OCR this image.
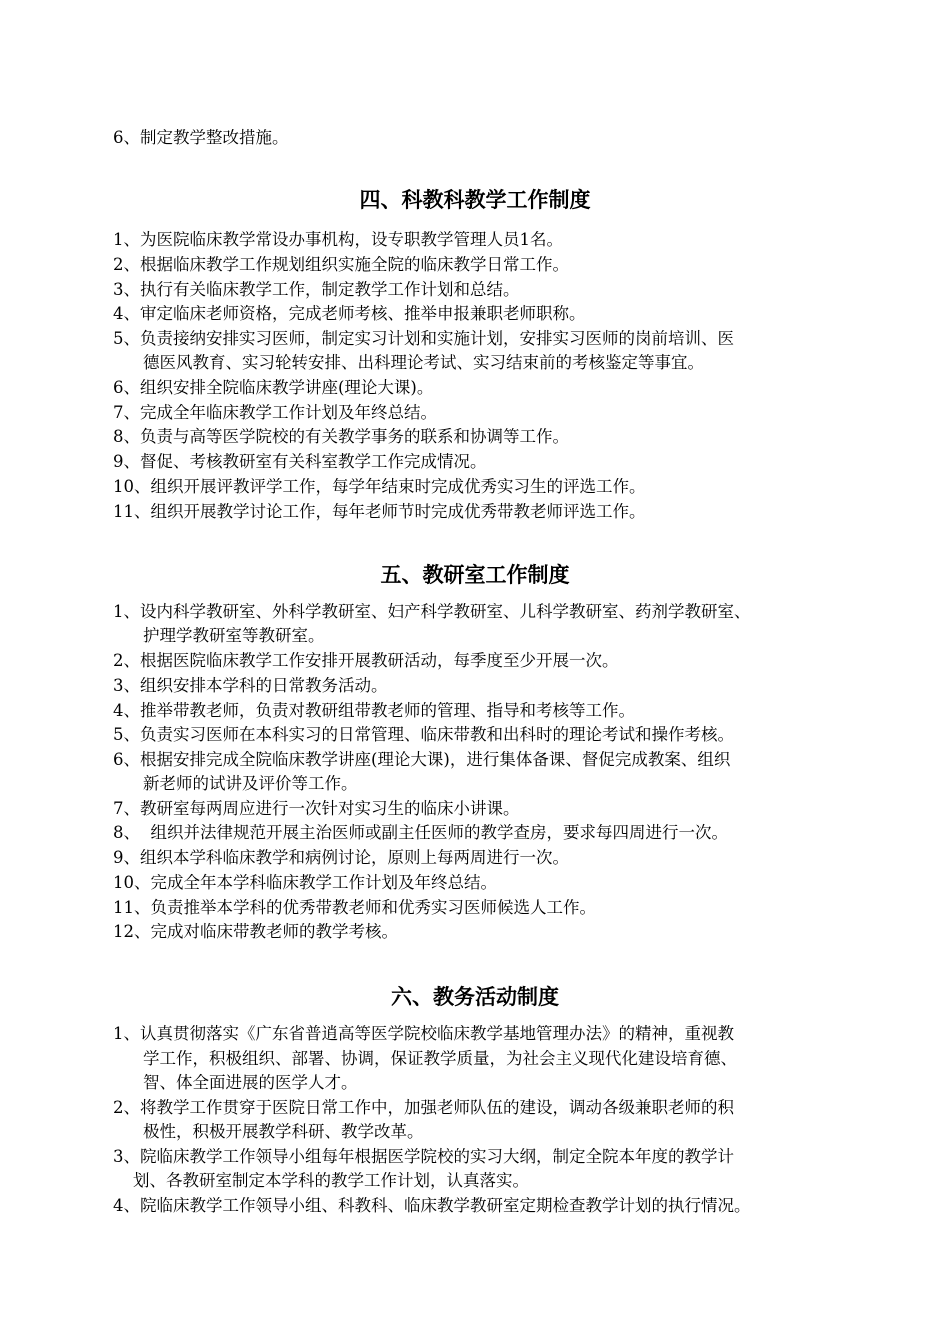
6、制定教学整改措施。
四、科教科教学工作制度
1、为医院临床教学常设办事机构，设专职教学管理人员1名。
2、根据临床教学工作规划组织实施全院的临床教学日常工作。
3、执行有关临床教学工作，制定教学工作计划和总结。
4、审定临床老师资格，完成老师考核、推举申报兼职老师职称。
5、负责接纳安排实习医师，制定实习计划和实施计划，安排实习医师的岗前培训、医
德医风教育、实习轮转安排、出科理论考试、实习结束前的考核鉴定等事宜。
6、组织安排全院临床教学讲座(理论大课)。
7、完成全年临床教学工作计划及年终总结。
8、负责与高等医学院校的有关教学事务的联系和协调等工作。
9、督促、考核教研室有关科室教学工作完成情况。
10、组织开展评教评学工作，每学年结束时完成优秀实习生的评选工作。
11、组织开展教学讨论工作，每年老师节时完成优秀带教老师评选工作。
五、教研室工作制度
1、设内科学教研室、外科学教研室、妇产科学教研室、儿科学教研室、药剂学教研室、
护理学教研室等教研室。
2、根据医院临床教学工作安排开展教研活动，每季度至少开展一次。
3、组织安排本学科的日常教务活动。
4、推举带教老师，负责对教研组带教老师的管理、指导和考核等工作。
5、负责实习医师在本科实习的日常管理、临床带教和出科时的理论考试和操作考核。
6、根据安排完成全院临床教学讲座(理论大课)，进行集体备课、督促完成教案、组织
新老师的试讲及评价等工作。
7、教研室每两周应进行一次针对实习生的临床小讲课。
8、  组织并法律规范开展主治医师或副主任医师的教学查房，要求每四周进行一次。
9、组织本学科临床教学和病例讨论，原则上每两周进行一次。
10、完成全年本学科临床教学工作计划及年终总结。
11、负责推举本学科的优秀带教老师和优秀实习医师候选人工作。
12、完成对临床带教老师的教学考核。
六、教务活动制度
1、认真贯彻落实《广东省普逍高等医学院校临床教学基地管理办法》的精神，重视教
学工作，积极组织、部署、协调，保证教学质量，为社会主义现代化建设培育德、
智、体全面进展的医学人才。
2、将教学工作贯穿于医院日常工作中，加强老师队伍的建设，调动各级兼职老师的积
极性，积极开展教学科研、教学改革。
3、院临床教学工作领导小组每年根据医学院校的实习大纲，制定全院本年度的教学计
划、各教研室制定本学科的教学工作计划，认真落实。
4、院临床教学工作领导小组、科教科、临床教学教研室定期检查教学计划的执行情况。
